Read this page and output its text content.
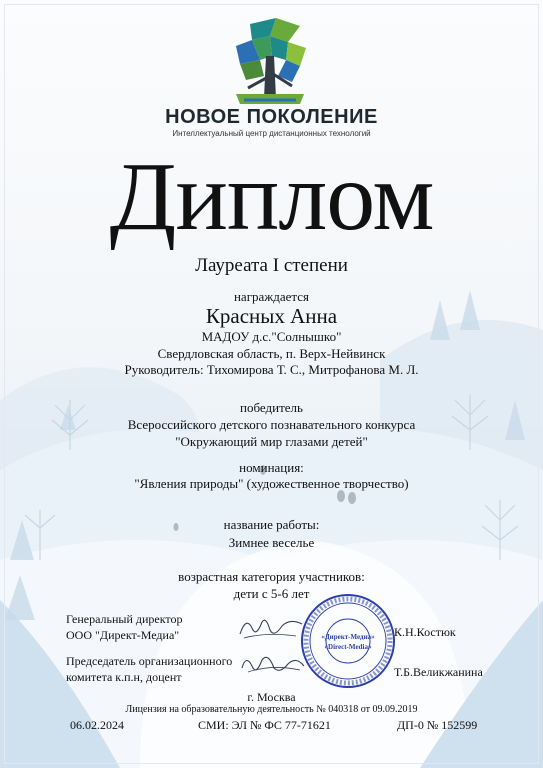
НОВОЕ ПОКОЛЕНИЕ
Интеллектуальный центр дистанционных технологий
Диплом
Лауреата I степени
награждается
Красных Анна
МАДОУ д.с."Солнышко"
Свердловская область, п. Верх-Нейвинск
Руководитель: Тихомирова Т. С., Митрофанова М. Л.
победитель
Всероссийского детского познавательного конкурса
"Окружающий мир глазами детей"
номинация:
"Явления природы" (художественное творчество)
название работы:
Зимнее веселье
возрастная категория участников:
дети с 5-6 лет
Генеральный директор
ООО "Директ-Медиа"	К.Н.Костюк
Председатель организационного
комитета к.п.н, доцент	Т.Б.Великжанина
«Директ-Медиа»
«Direct-Media»
г. Москва
Лицензия на образовательную деятельность № 040318 от 09.09.2019
06.02.2024	СМИ: ЭЛ № ФС 77-71621	ДП-0 № 152599
